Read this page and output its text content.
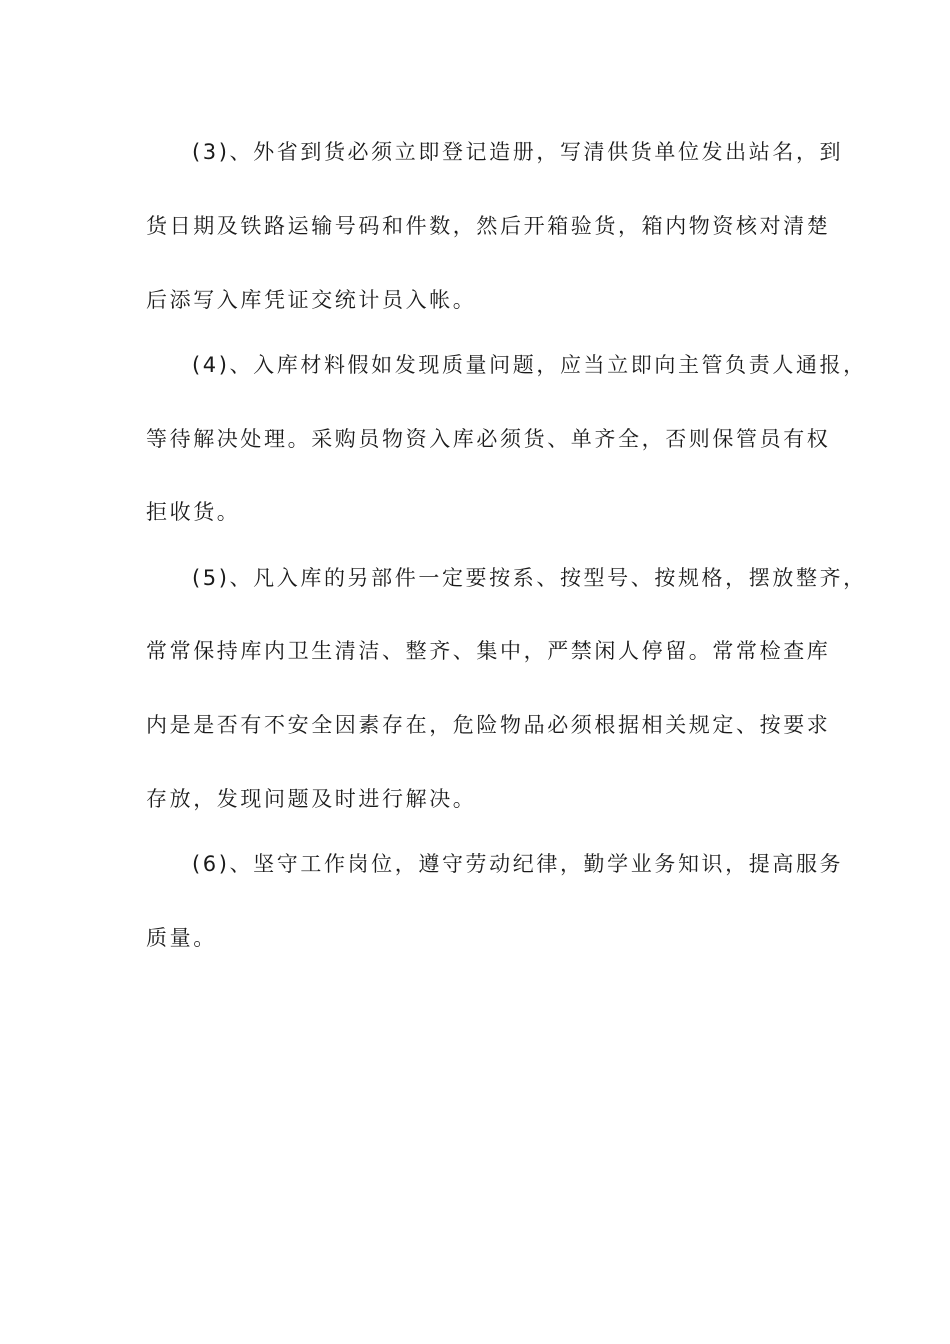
(3)、外省到货必须立即登记造册，写清供货单位发出站名，到
货日期及铁路运输号码和件数，然后开箱验货，箱内物资核对清楚
后添写入库凭证交统计员入帐。
(4)、入库材料假如发现质量问题，应当立即向主管负责人通报，
等待解决处理。采购员物资入库必须货、单齐全，否则保管员有权
拒收货。
(5)、凡入库的另部件一定要按系、按型号、按规格，摆放整齐，
常常保持库内卫生清洁、整齐、集中，严禁闲人停留。常常检查库
内是是否有不安全因素存在，危险物品必须根据相关规定、按要求
存放，发现问题及时进行解决。
(6)、坚守工作岗位，遵守劳动纪律，勤学业务知识，提高服务
质量。
